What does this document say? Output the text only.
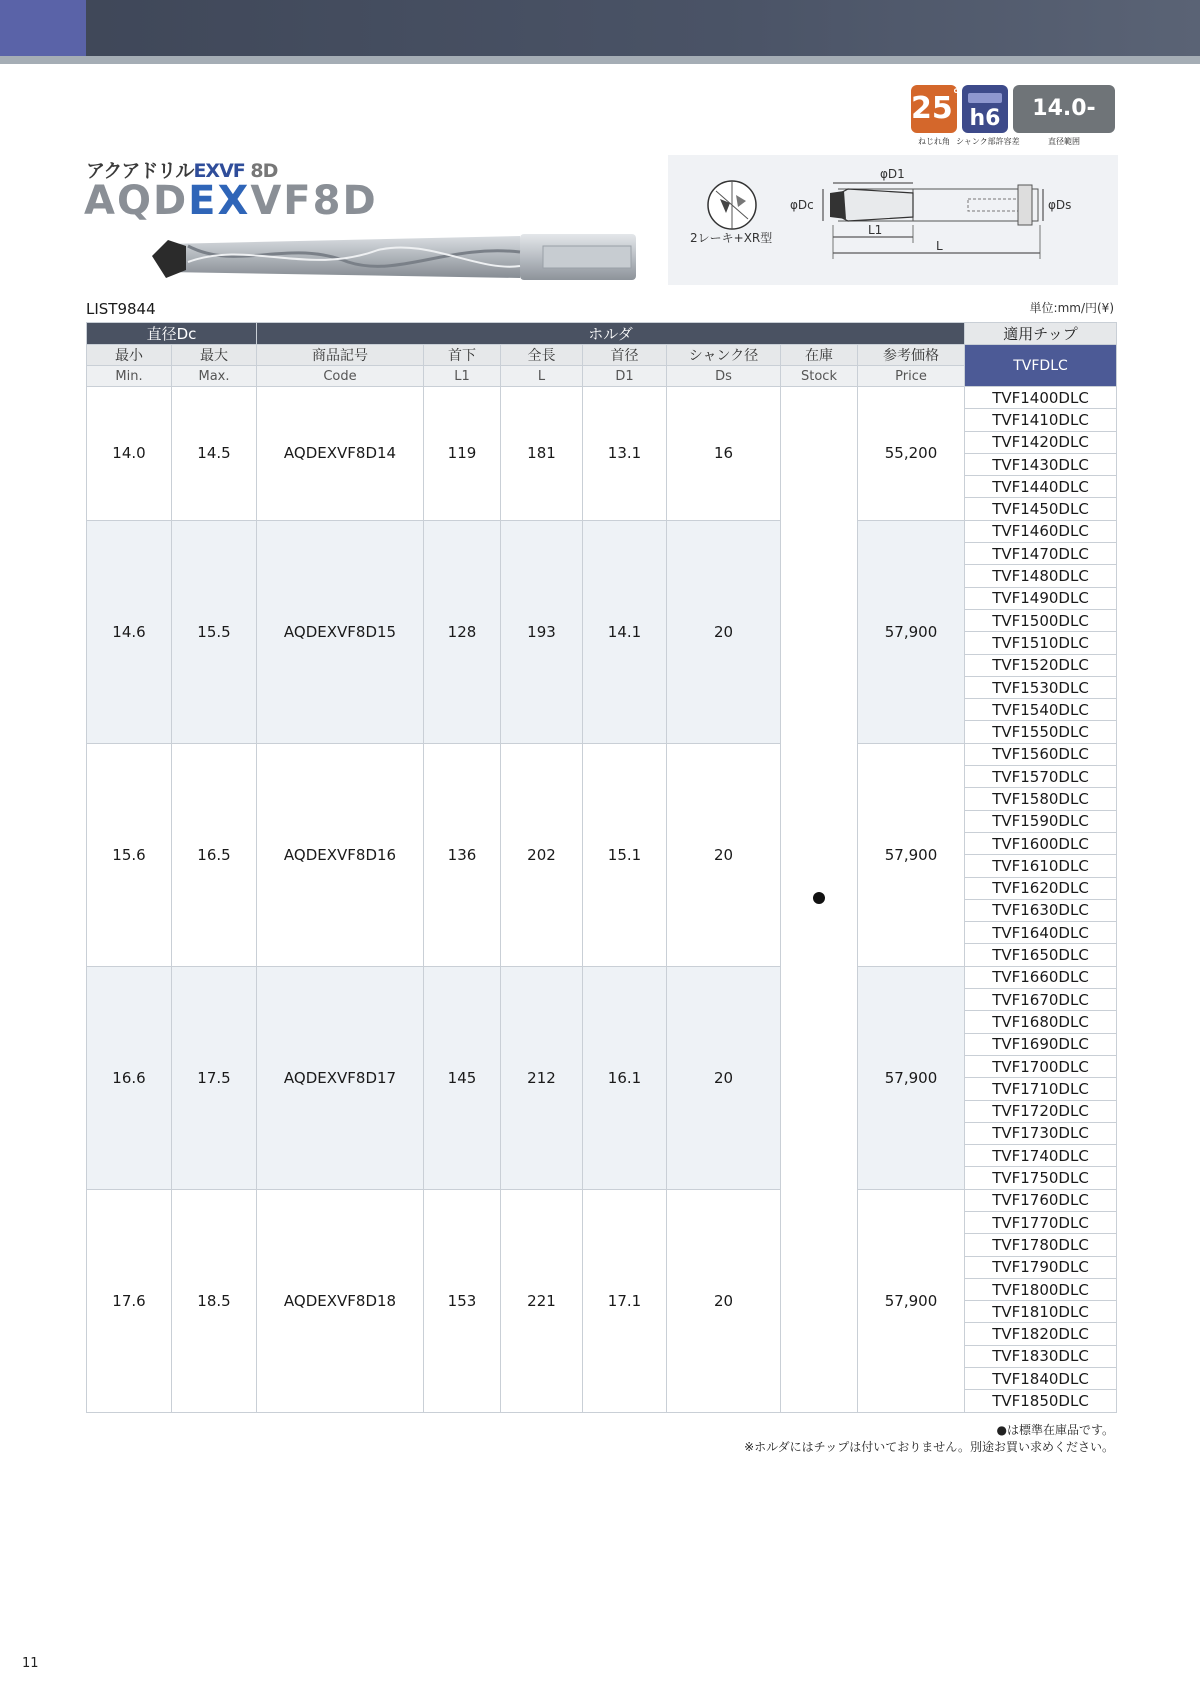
25°
ねじれ角
h6
シャンク部許容差
14.0-
直径範囲
アクアドリルEXVF 8D
AQDEXVF8D
2レーキ+XR型
φDc
φD1
φDs
L1
L
LIST9844	単位:mm/円(¥)
直径Dc		ホルダ							適用チップ
最小	最大	商品記号	首下	全長	首径	シャンク径	在庫	参考価格	TVFDLC
Min.	Max.	Code	L1	L	D1	Ds	Stock	Price	
14.0	14.5	AQDEXVF8D14	119	181	13.1	16		55,200	TVF1400DLC
									TVF1410DLC
									TVF1420DLC
									TVF1430DLC
									TVF1440DLC
									TVF1450DLC
14.6	15.5	AQDEXVF8D15	128	193	14.1	20		57,900	TVF1460DLC
									TVF1470DLC
									TVF1480DLC
									TVF1490DLC
									TVF1500DLC
									TVF1510DLC
									TVF1520DLC
									TVF1530DLC
									TVF1540DLC
									TVF1550DLC
15.6	16.5	AQDEXVF8D16	136	202	15.1	20		57,900	TVF1560DLC
									TVF1570DLC
									TVF1580DLC
									TVF1590DLC
									TVF1600DLC
									TVF1610DLC
									TVF1620DLC
									TVF1630DLC
									TVF1640DLC
									TVF1650DLC
16.6	17.5	AQDEXVF8D17	145	212	16.1	20		57,900	TVF1660DLC
									TVF1670DLC
									TVF1680DLC
									TVF1690DLC
									TVF1700DLC
									TVF1710DLC
									TVF1720DLC
									TVF1730DLC
									TVF1740DLC
									TVF1750DLC
17.6	18.5	AQDEXVF8D18	153	221	17.1	20		57,900	TVF1760DLC
									TVF1770DLC
									TVF1780DLC
									TVF1790DLC
									TVF1800DLC
									TVF1810DLC
									TVF1820DLC
									TVF1830DLC
									TVF1840DLC
									TVF1850DLC
●は標準在庫品です。
※ホルダにはチップは付いておりません。別途お買い求めください。
11
